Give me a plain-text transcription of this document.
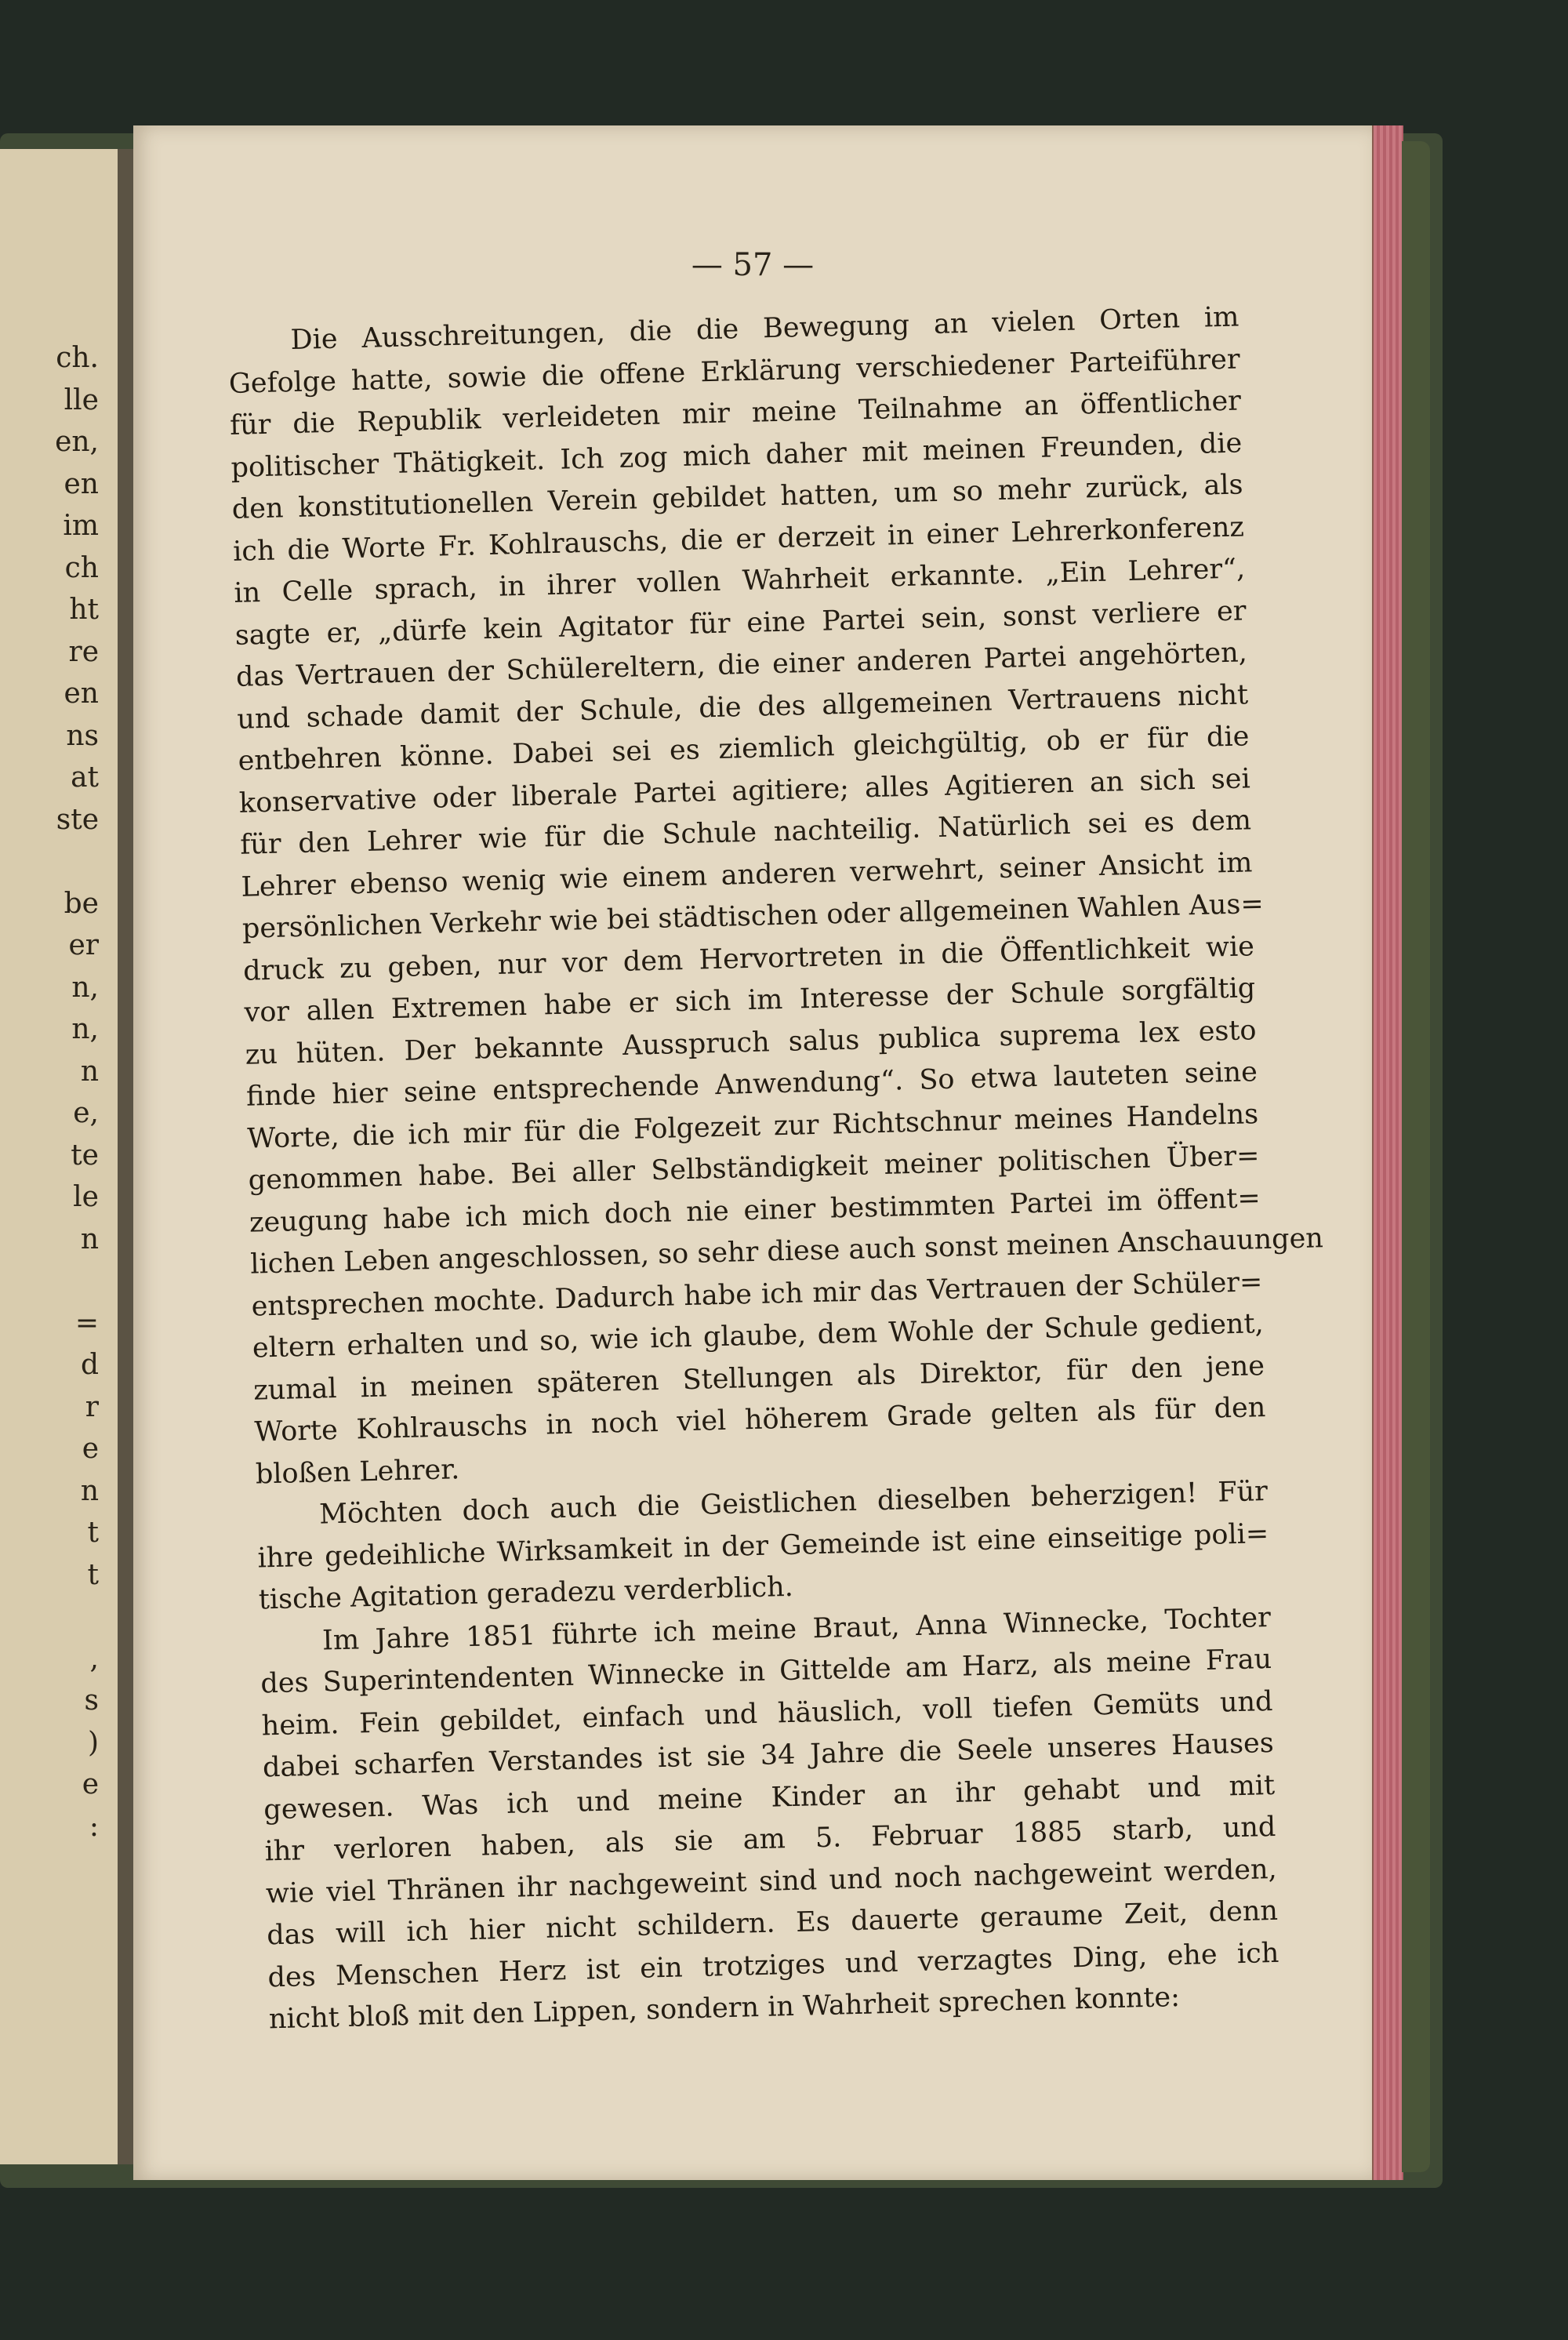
ch.
lle
en,
en
im
ch
ht
re
en
ns
at
ste

be
er
n,
n,
n
e,
te
le
n

=
d
r
e
n
t
t

,
s
)
e
:

— 57 —
Die Ausschreitungen, die die Bewegung an vielen Orten im
Gefolge hatte, sowie die offene Erklärung verschiedener Parteiführer
für die Republik verleideten mir meine Teilnahme an öffentlicher
politischer Thätigkeit. Ich zog mich daher mit meinen Freunden, die
den konstitutionellen Verein gebildet hatten, um so mehr zurück, als
ich die Worte Fr. Kohlrauschs, die er derzeit in einer Lehrerkonferenz
in Celle sprach, in ihrer vollen Wahrheit erkannte. „Ein Lehrer“,
sagte er, „dürfe kein Agitator für eine Partei sein, sonst verliere er
das Vertrauen der Schülereltern, die einer anderen Partei angehörten,
und schade damit der Schule, die des allgemeinen Vertrauens nicht
entbehren könne. Dabei sei es ziemlich gleichgültig, ob er für die
konservative oder liberale Partei agitiere; alles Agitieren an sich sei
für den Lehrer wie für die Schule nachteilig. Natürlich sei es dem
Lehrer ebenso wenig wie einem anderen verwehrt, seiner Ansicht im
persönlichen Verkehr wie bei städtischen oder allgemeinen Wahlen Aus=
druck zu geben, nur vor dem Hervortreten in die Öffentlichkeit wie
vor allen Extremen habe er sich im Interesse der Schule sorgfältig
zu hüten. Der bekannte Ausspruch salus publica suprema lex esto
finde hier seine entsprechende Anwendung“. So etwa lauteten seine
Worte, die ich mir für die Folgezeit zur Richtschnur meines Handelns
genommen habe. Bei aller Selbständigkeit meiner politischen Über=
zeugung habe ich mich doch nie einer bestimmten Partei im öffent=
lichen Leben angeschlossen, so sehr diese auch sonst meinen Anschauungen
entsprechen mochte. Dadurch habe ich mir das Vertrauen der Schüler=
eltern erhalten und so, wie ich glaube, dem Wohle der Schule gedient,
zumal in meinen späteren Stellungen als Direktor, für den jene
Worte Kohlrauschs in noch viel höherem Grade gelten als für den
bloßen Lehrer.
Möchten doch auch die Geistlichen dieselben beherzigen! Für
ihre gedeihliche Wirksamkeit in der Gemeinde ist eine einseitige poli=
tische Agitation geradezu verderblich.
Im Jahre 1851 führte ich meine Braut, Anna Winnecke, Tochter
des Superintendenten Winnecke in Gittelde am Harz, als meine Frau
heim. Fein gebildet, einfach und häuslich, voll tiefen Gemüts und
dabei scharfen Verstandes ist sie 34 Jahre die Seele unseres Hauses
gewesen. Was ich und meine Kinder an ihr gehabt und mit
ihr verloren haben, als sie am 5. Februar 1885 starb, und
wie viel Thränen ihr nachgeweint sind und noch nachgeweint werden,
das will ich hier nicht schildern. Es dauerte geraume Zeit, denn
des Menschen Herz ist ein trotziges und verzagtes Ding, ehe ich
nicht bloß mit den Lippen, sondern in Wahrheit sprechen konnte:
